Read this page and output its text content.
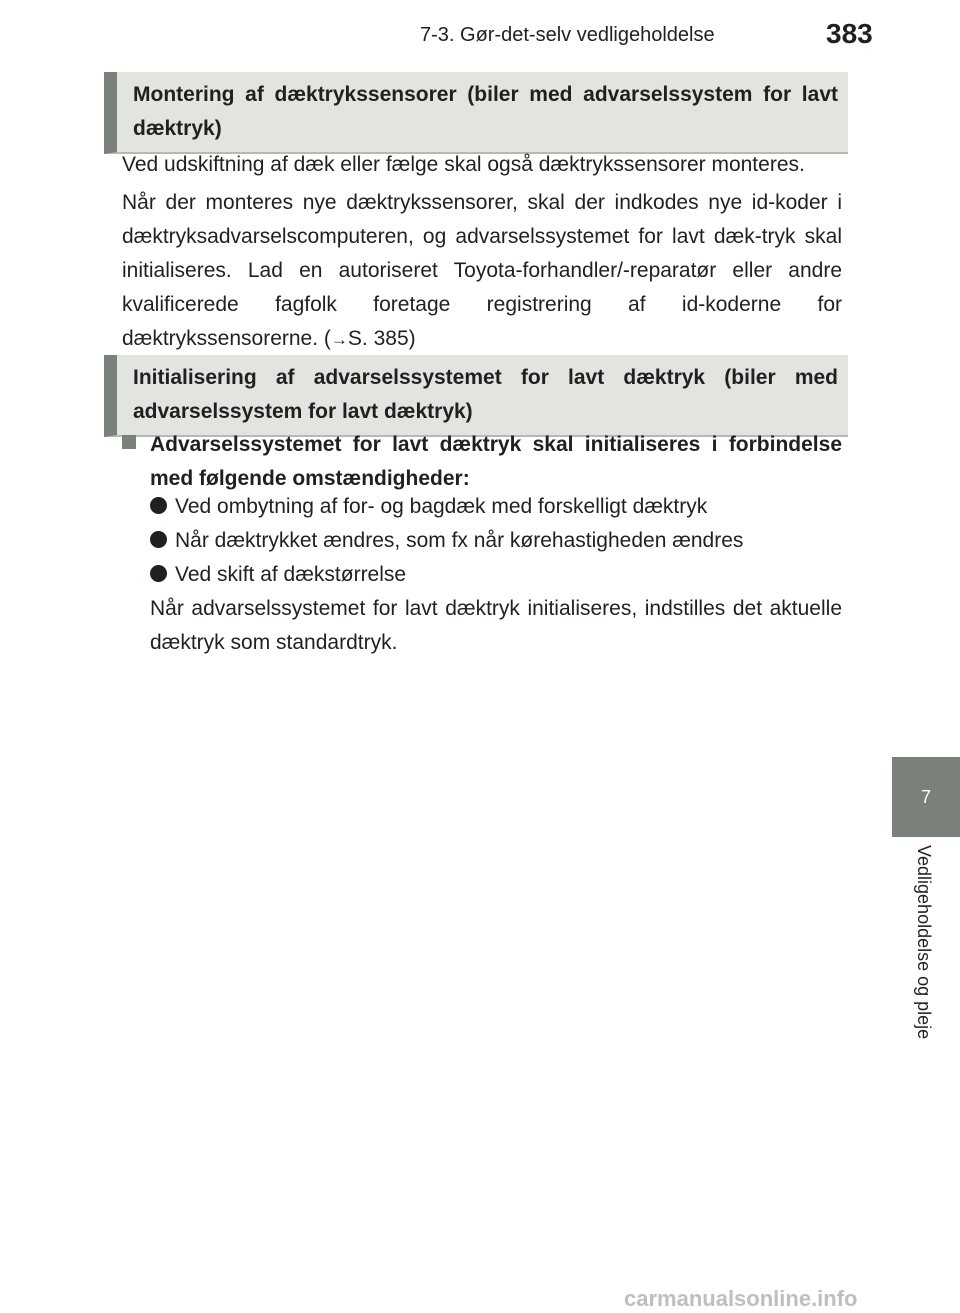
7-3. Gør-det-selv vedligeholdelse	383
7
Vedligeholdelse og pleje
Montering af dæktrykssensorer (biler med advarselssystem for lavt dæktryk)
Ved udskiftning af dæk eller fælge skal også dæktrykssensorer monteres.
Når der monteres nye dæktrykssensorer, skal der indkodes nye id-koder i dæktryksadvarselscomputeren, og advarselssystemet for lavt dæk-tryk skal initialiseres. Lad en autoriseret Toyota-forhandler/-reparatør eller andre kvalificerede fagfolk foretage registrering af id-koderne for dæktrykssensorerne. (→S. 385)
Initialisering af advarselssystemet for lavt dæktryk (biler med advarselssystem for lavt dæktryk)
Advarselssystemet for lavt dæktryk skal initialiseres i forbindelse med følgende omstændigheder:
Ved ombytning af for- og bagdæk med forskelligt dæktryk
Når dæktrykket ændres, som fx når kørehastigheden ændres
Ved skift af dækstørrelse
Når advarselssystemet for lavt dæktryk initialiseres, indstilles det aktuelle dæktryk som standardtryk.
carmanualsonline.info
